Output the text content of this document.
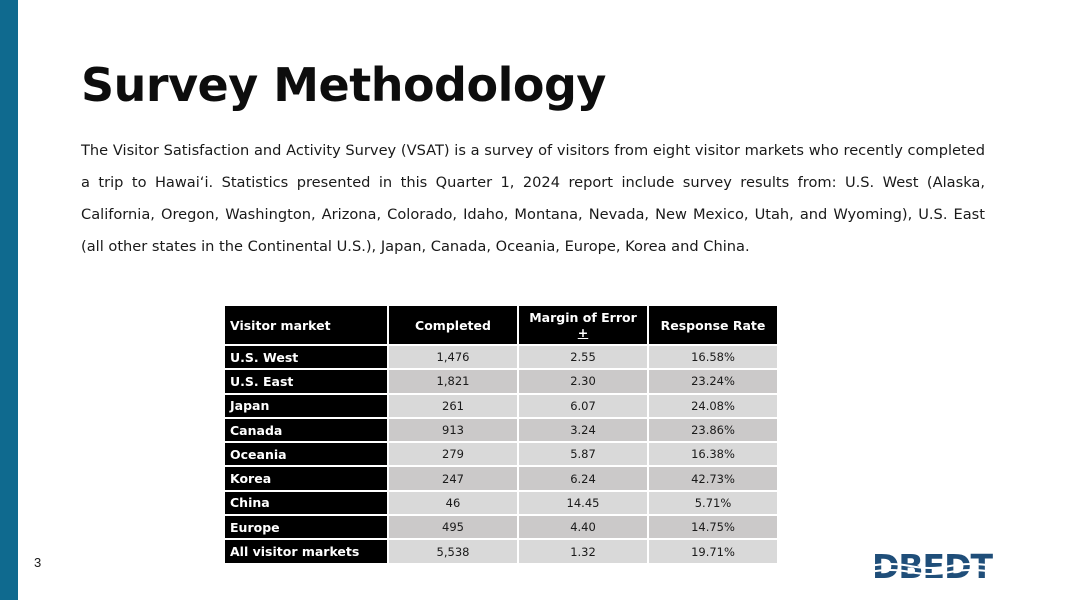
Survey Methodology

The Visitor Satisfaction and Activity Survey (VSAT) is a survey of visitors from eight visitor markets who recently completed a trip to Hawai‘i. Statistics presented in this Quarter 1, 2024 report include survey results from: U.S. West (Alaska, California, Oregon, Washington, Arizona, Colorado, Idaho, Montana, Nevada, New Mexico, Utah, and Wyoming), U.S. East (all other states in the Continental U.S.), Japan, Canada, Oceania, Europe, Korea and China.

Visitor market	Completed	Margin of Error +	Response Rate
U.S. West	1,476	2.55	16.58%
U.S. East	1,821	2.30	23.24%
Japan	261	6.07	24.08%
Canada	913	3.24	23.86%
Oceania	279	5.87	16.38%
Korea	247	6.24	42.73%
China	46	14.45	5.71%
Europe	495	4.40	14.75%
All visitor markets	5,538	1.32	19.71%
3	DBEDT
